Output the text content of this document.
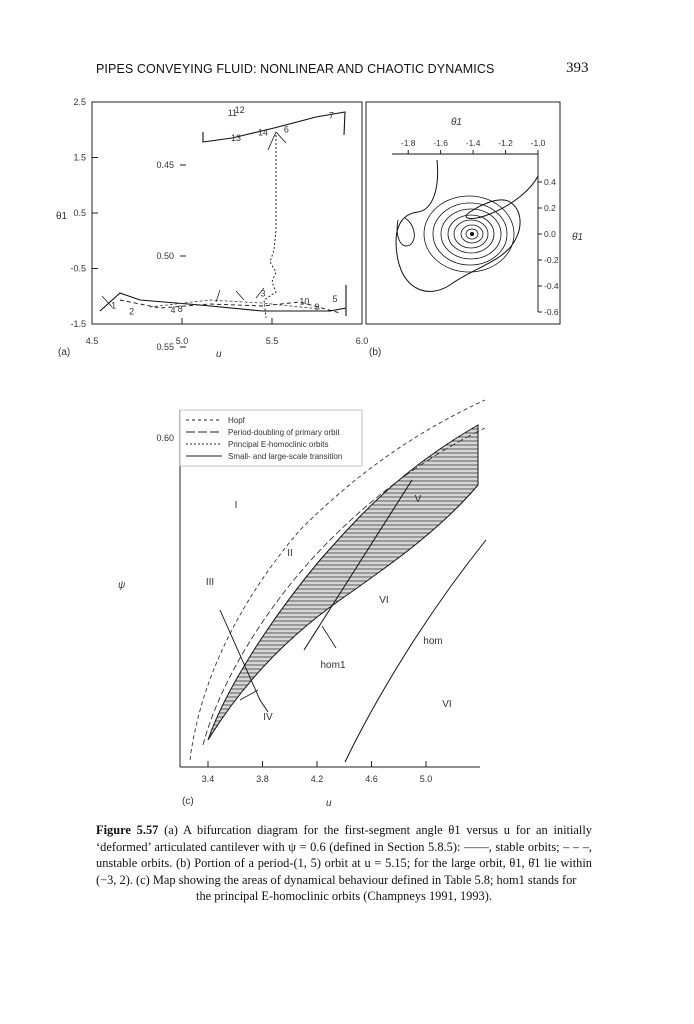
PIPES CONVEYING FLUID: NONLINEAR AND CHAOTIC DYNAMICS	393
2.5
1.5
0.5
-0.5
-1.5
4.5	5.0	5.5	6.0
1
2	4 8
3
10
9
5
11
12
13
14 6
7
θ1
u
-1.8 -1.6 -1.4 -1.2 -1.0
0.4
0.2
0.0
-0.2
-0.4
-0.6
θ1
θ̇1
(a)	(b)
(c)
0.60
0.55
0.50
0.45
3.4	3.8	4.2	4.6	5.0
Hopf
Period-doubling of primary orbit
Principal E-homoclinic orbits
Small- and large-scale transition
I
II
III
IV
V
VI
VI
hom1
hom
ψ
u
Figure 5.57 (a) A bifurcation diagram for the first-segment angle θ1 versus u for an initially ‘deformed’ articulated cantilever with ψ = 0.6 (defined in Section 5.8.5): ——, stable orbits; – – –, unstable orbits. (b) Portion of a period-(1, 5) orbit at u = 5.15; for the large orbit, θ1, θ̇1 lie within (−3, 2). (c) Map showing the areas of dynamical behaviour defined in Table 5.8; hom1 stands for
the principal E-homoclinic orbits (Champneys 1991, 1993).
